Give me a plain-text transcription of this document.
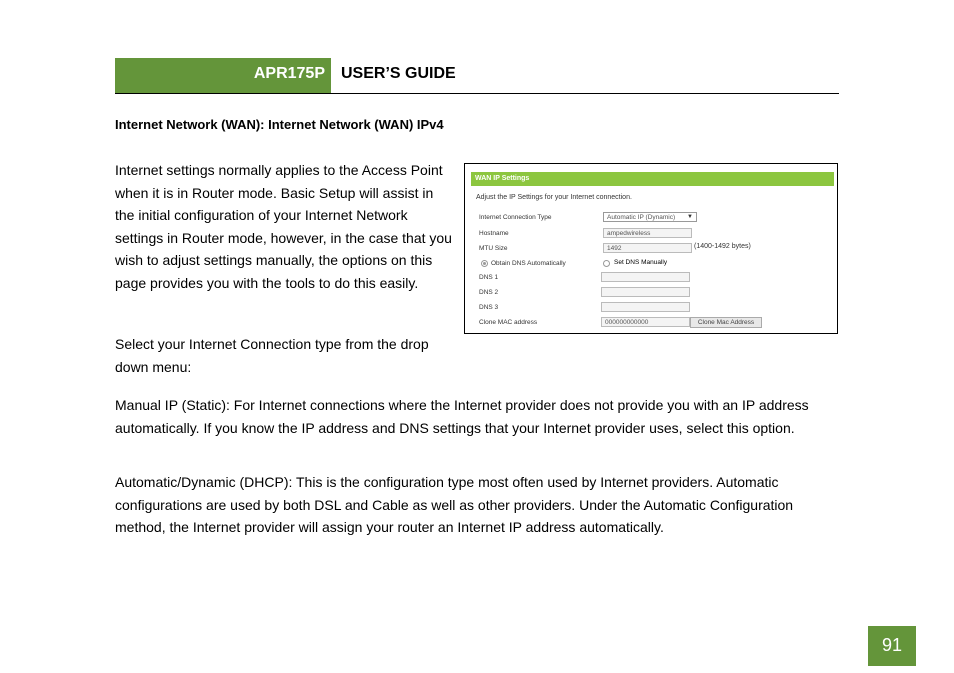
APR175P USER’S GUIDE
Internet Network (WAN): Internet Network (WAN) IPv4
Internet settings normally applies to the Access Point when it is in Router mode. Basic Setup will assist in the initial configuration of your Internet Network settings in Router mode, however, in the case that you wish to adjust settings manually, the options on this page provides you with the tools to do this easily.
Select your Internet Connection type from the drop down menu:
Manual IP (Static): For Internet connections where the Internet provider does not provide you with an IP address automatically. If you know the IP address and DNS settings that your Internet provider uses, select this option.
Automatic/Dynamic (DHCP): This is the configuration type most often used by Internet providers. Automatic configurations are used by both DSL and Cable as well as other providers. Under the Automatic Configuration method, the Internet provider will assign your router an Internet IP address automatically.
WAN IP Settings
Adjust the IP Settings for your Internet connection.
Internet Connection Type	Automatic IP (Dynamic) ▼
Hostname	ampedwireless
MTU Size	1492	(1400-1492 bytes)
Obtain DNS Automatically	Set DNS Manually
DNS 1
DNS 2
DNS 3
Clone MAC address	000000000000	Clone Mac Address
91
